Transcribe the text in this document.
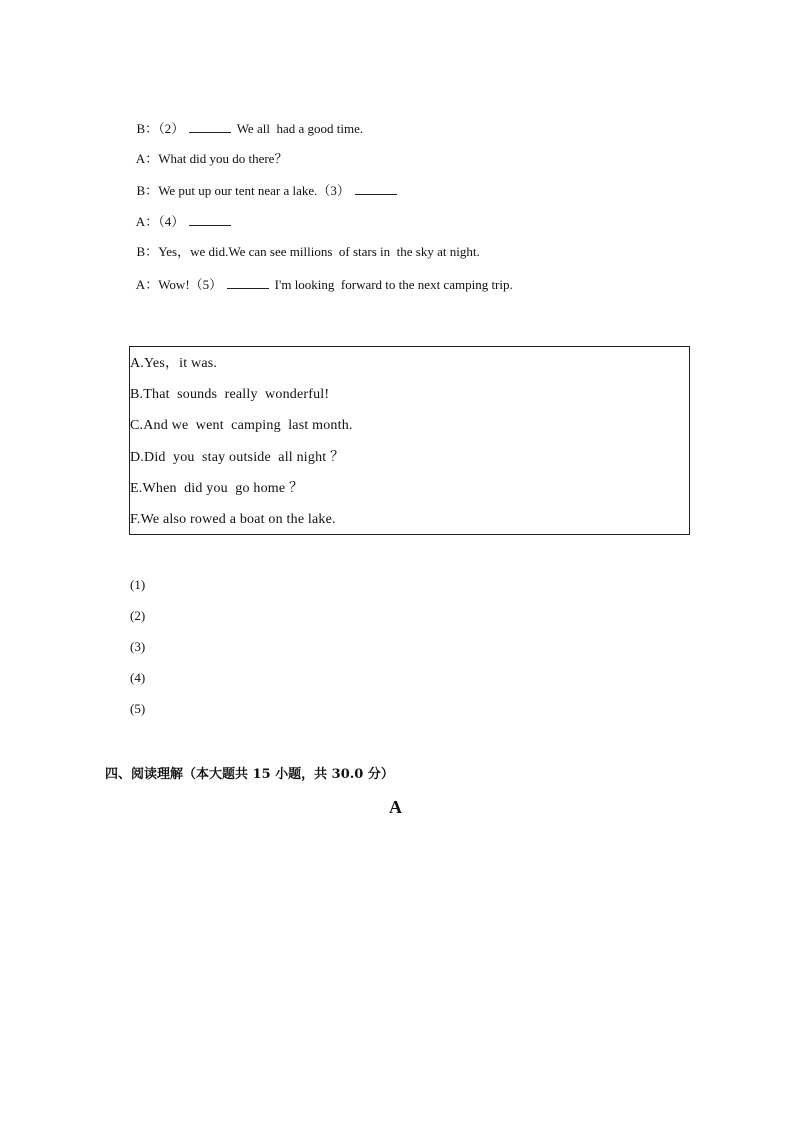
B：（2）	We all  had a good time.

A：What did you do there？

B：We put up our tent near a lake.（3）

A：（4）

B：Yes，we did.We can see millions  of stars in  the sky at night.

A：Wow!（5）	I'm looking  forward to the next camping trip.

A.Yes，it was.
B.That  sounds  really  wonderful!
C.And we  went  camping  last month.
D.Did  you  stay outside  all night ？
E.When  did you  go home ？
F.We also rowed a boat on the lake.
(1)
(2)
(3)
(4)
(5)
四、阅读理解（本大题共 15 小题，共 30.0 分）
A
